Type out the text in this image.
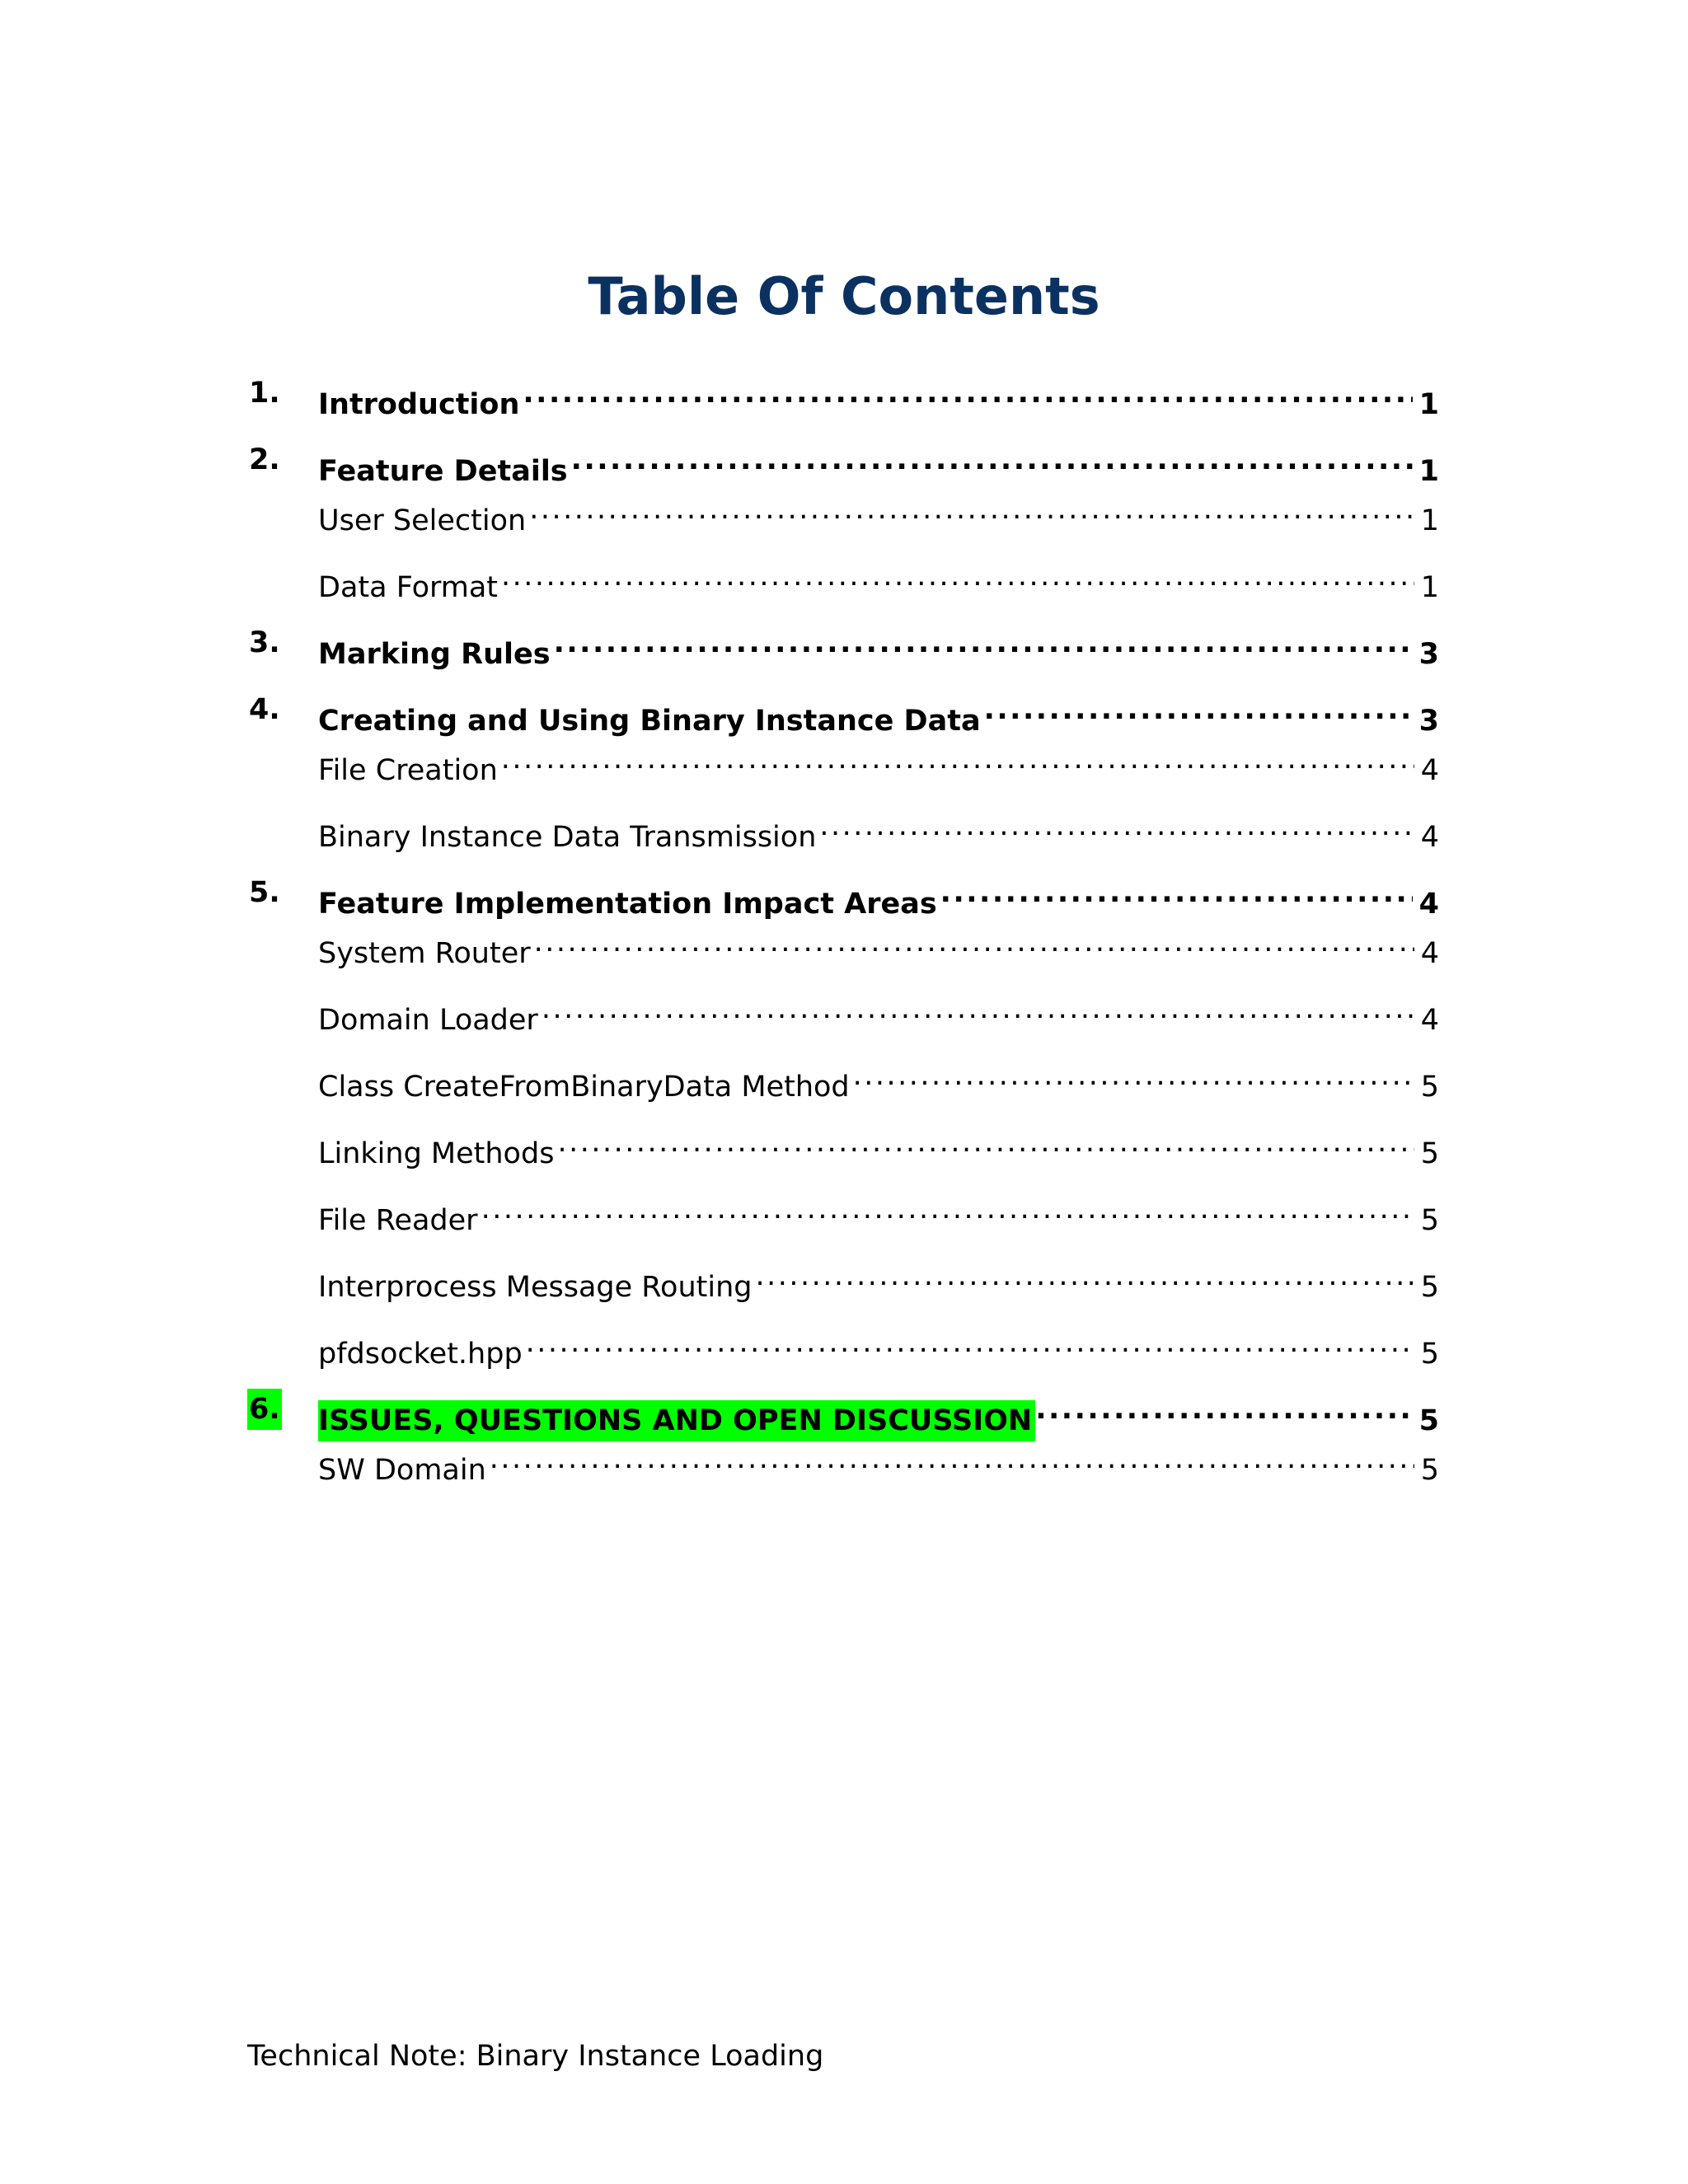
Table Of Contents
1. Introduction .....	1
2. Feature Details .....	1
User Selection .....	1
Data Format .....	1
3. Marking Rules .....	3
4. Creating and Using Binary Instance Data .....	3
File Creation .....	4
Binary Instance Data Transmission .....	4
5. Feature Implementation Impact Areas .....	4
System Router .....	4
Domain Loader .....	4
Class CreateFromBinaryData Method .....	5
Linking Methods .....	5
File Reader .....	5
Interprocess Message Routing .....	5
pfdsocket.hpp .....	5
6. ISSUES, QUESTIONS AND OPEN DISCUSSION .....	5
SW Domain .....	5
Technical Note: Binary Instance Loading
